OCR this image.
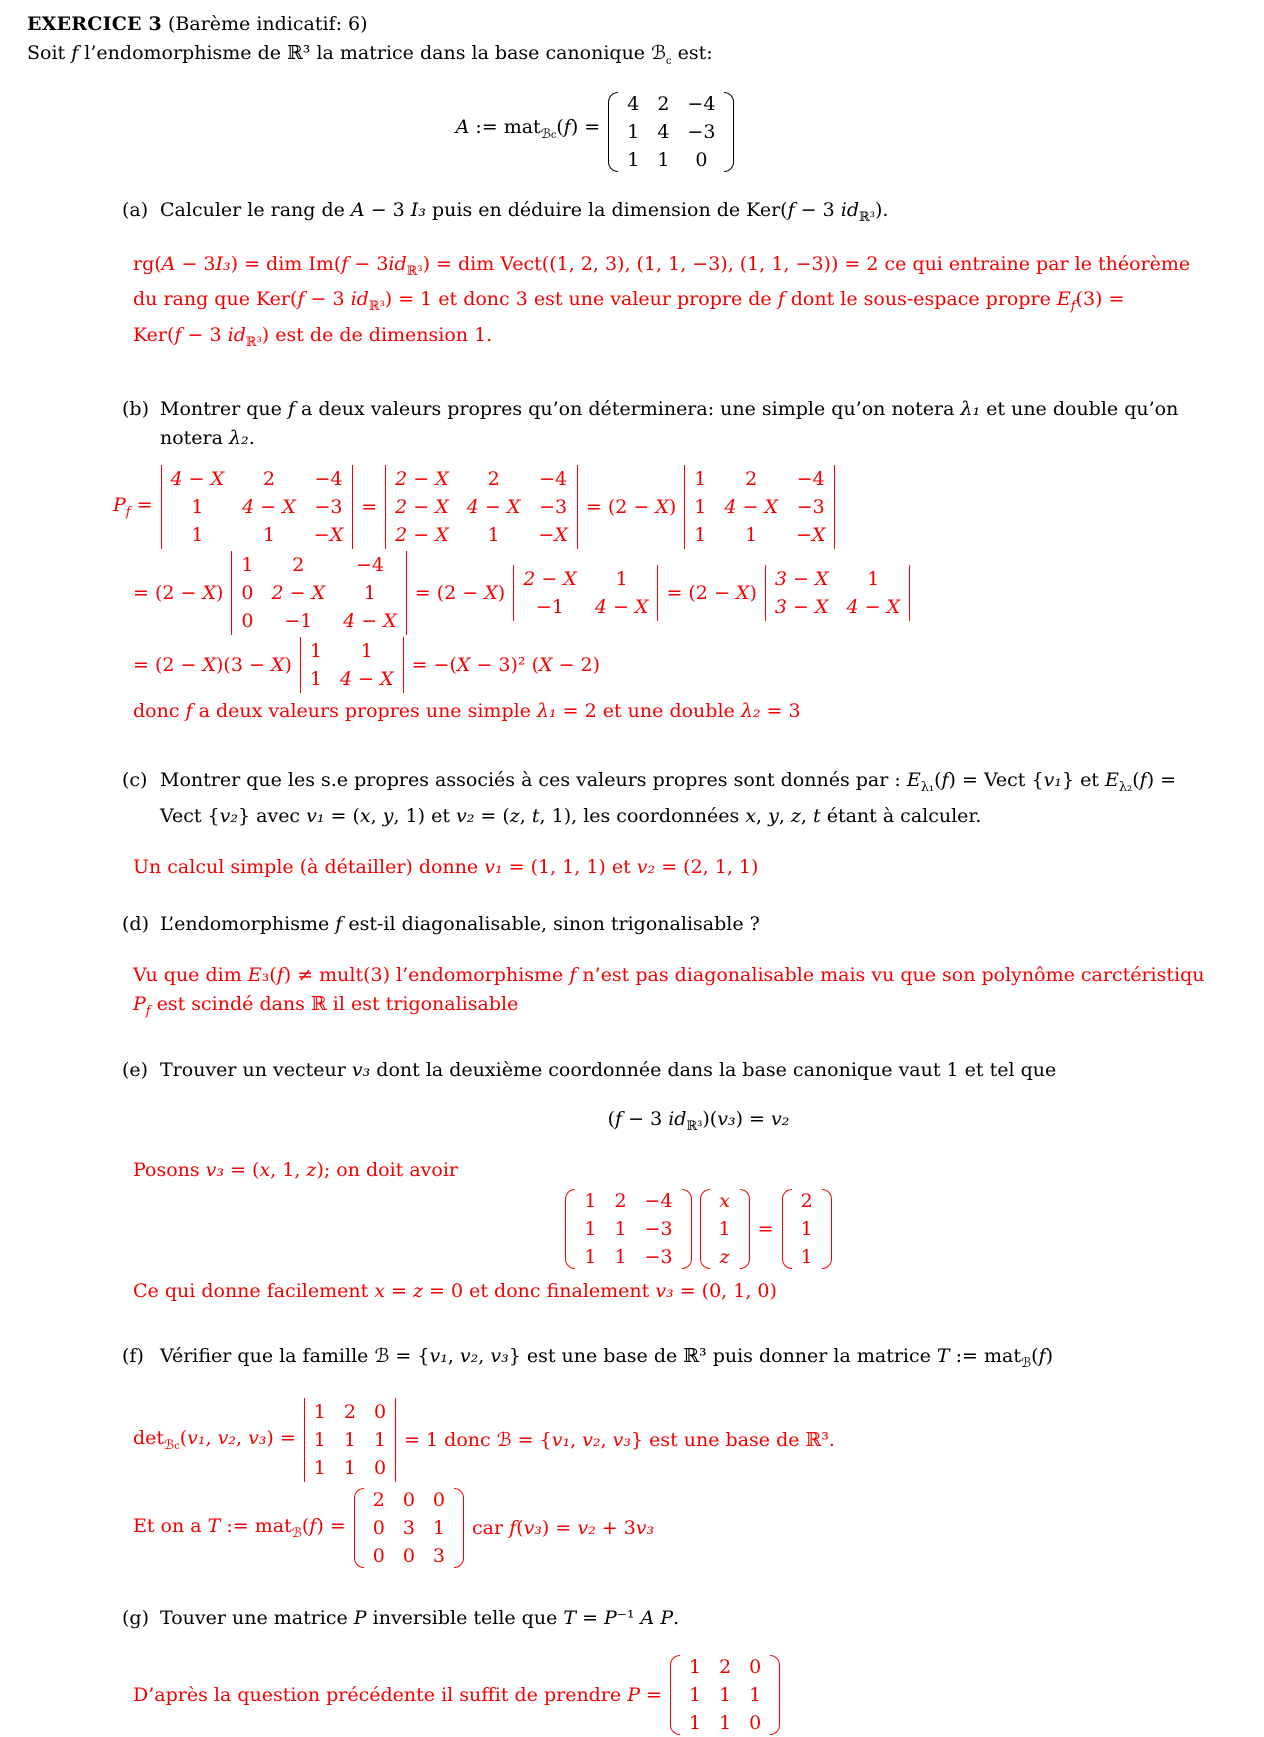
EXERCICE 3 (Barème indicatif: 6)
Soit f l’endomorphisme de ℝ³ la matrice dans la base canonique ℬ$_c$ est:
A := mat$_{ℬc}$(f) =
4	2	−4
1	4	−3
1	1	0
(a) Calculer le rang de A − 3 I₃ puis en déduire la dimension de Ker(f − 3 $id_{ℝ^3}$).
rg(A − 3I₃) = dim $Im(f - 3id_{ℝ^3})$ = dim Vect((1, 2, 3), (1, 1, −3), (1, 1, −3)) = 2 ce qui entraine par le théorème
du rang que Ker(f − 3 $id_{ℝ^3}) = 1$ et donc 3 est une valeur propre de f dont le sous-espace propre $E_f(3)$ =
Ker(f − 3 $id_{ℝ^3}$) est de de dimension 1.
(b) Montrer que f a deux valeurs propres qu’on déterminera: une simple qu’on notera λ₁ et une double qu’on
notera λ₂.
$P_f$ =
4 − X	2	−4
1	4 − X	−3
1	1	−X
=
2 − X	2	−4
2 − X	4 − X	−3
2 − X	1	−X
= (2 − X)
1	2	−4
1	4 − X	−3
1	1	−X
= (2 − X)
1	2	−4
0	2 − X	1
0	−1	4 − X
= (2 − X)
2 − X	1
−1	4 − X
= (2 − X)
3 − X	1
3 − X	4 − X
= (2 − X)(3 − X)
1	1
1	4 − X
= −(X − 3)² (X − 2)
donc f a deux valeurs propres une simple λ₁ = 2 et une double λ₂ = 3
(c) Montrer que les s.e propres associés à ces valeurs propres sont donnés par : $E_{\lambda_1}(f)$ = Vect {v₁} et $E_{\lambda_2}(f)$ =
Vect {v₂} avec v₁ = (x, y, 1) et v₂ = (z, t, 1), les coordonnées x, y, z, t étant à calculer.
Un calcul simple (à détailler) donne v₁ = (1, 1, 1) et v₂ = (2, 1, 1)
(d) L’endomorphisme f est-il diagonalisable, sinon trigonalisable ?
Vu que dim E₃(f) ≠ mult(3) l’endomorphisme f n’est pas diagonalisable mais vu que son polynôme carctéristiqu
$P_f$ est scindé dans ℝ il est trigonalisable
(e) Trouver un vecteur v₃ dont la deuxième coordonnée dans la base canonique vaut 1 et tel que
(f − 3 $id_{ℝ^3})(v_3) = v_2$
Posons v₃ = (x, 1, z); on doit avoir
1	2	−4
1	1	−3
1	1	−3
x
1
z
=
2
1
1
Ce qui donne facilement x = z = 0 et donc finalement v₃ = (0, 1, 0)
(f) Vérifier que la famille ℬ = {v₁, v₂, v₃} est une base de ℝ³ puis donner la matrice T := mat$_ℬ$(f)
$\det_{ℬc}(v_1$, v₂, v₃) =
1	2	0
1	1	1
1	1	0
= 1 donc ℬ = {v₁, v₂, v₃} est une base de ℝ³.
Et on a T := mat$_ℬ$(f) =
2	0	0
0	3	1
0	0	3
car f(v₃) = v₂ + 3v₃
(g) Touver une matrice P inversible telle que T = P⁻¹ A P.
D’après la question précédente il suffit de prendre P =
1	2	0
1	1	1
1	1	0
